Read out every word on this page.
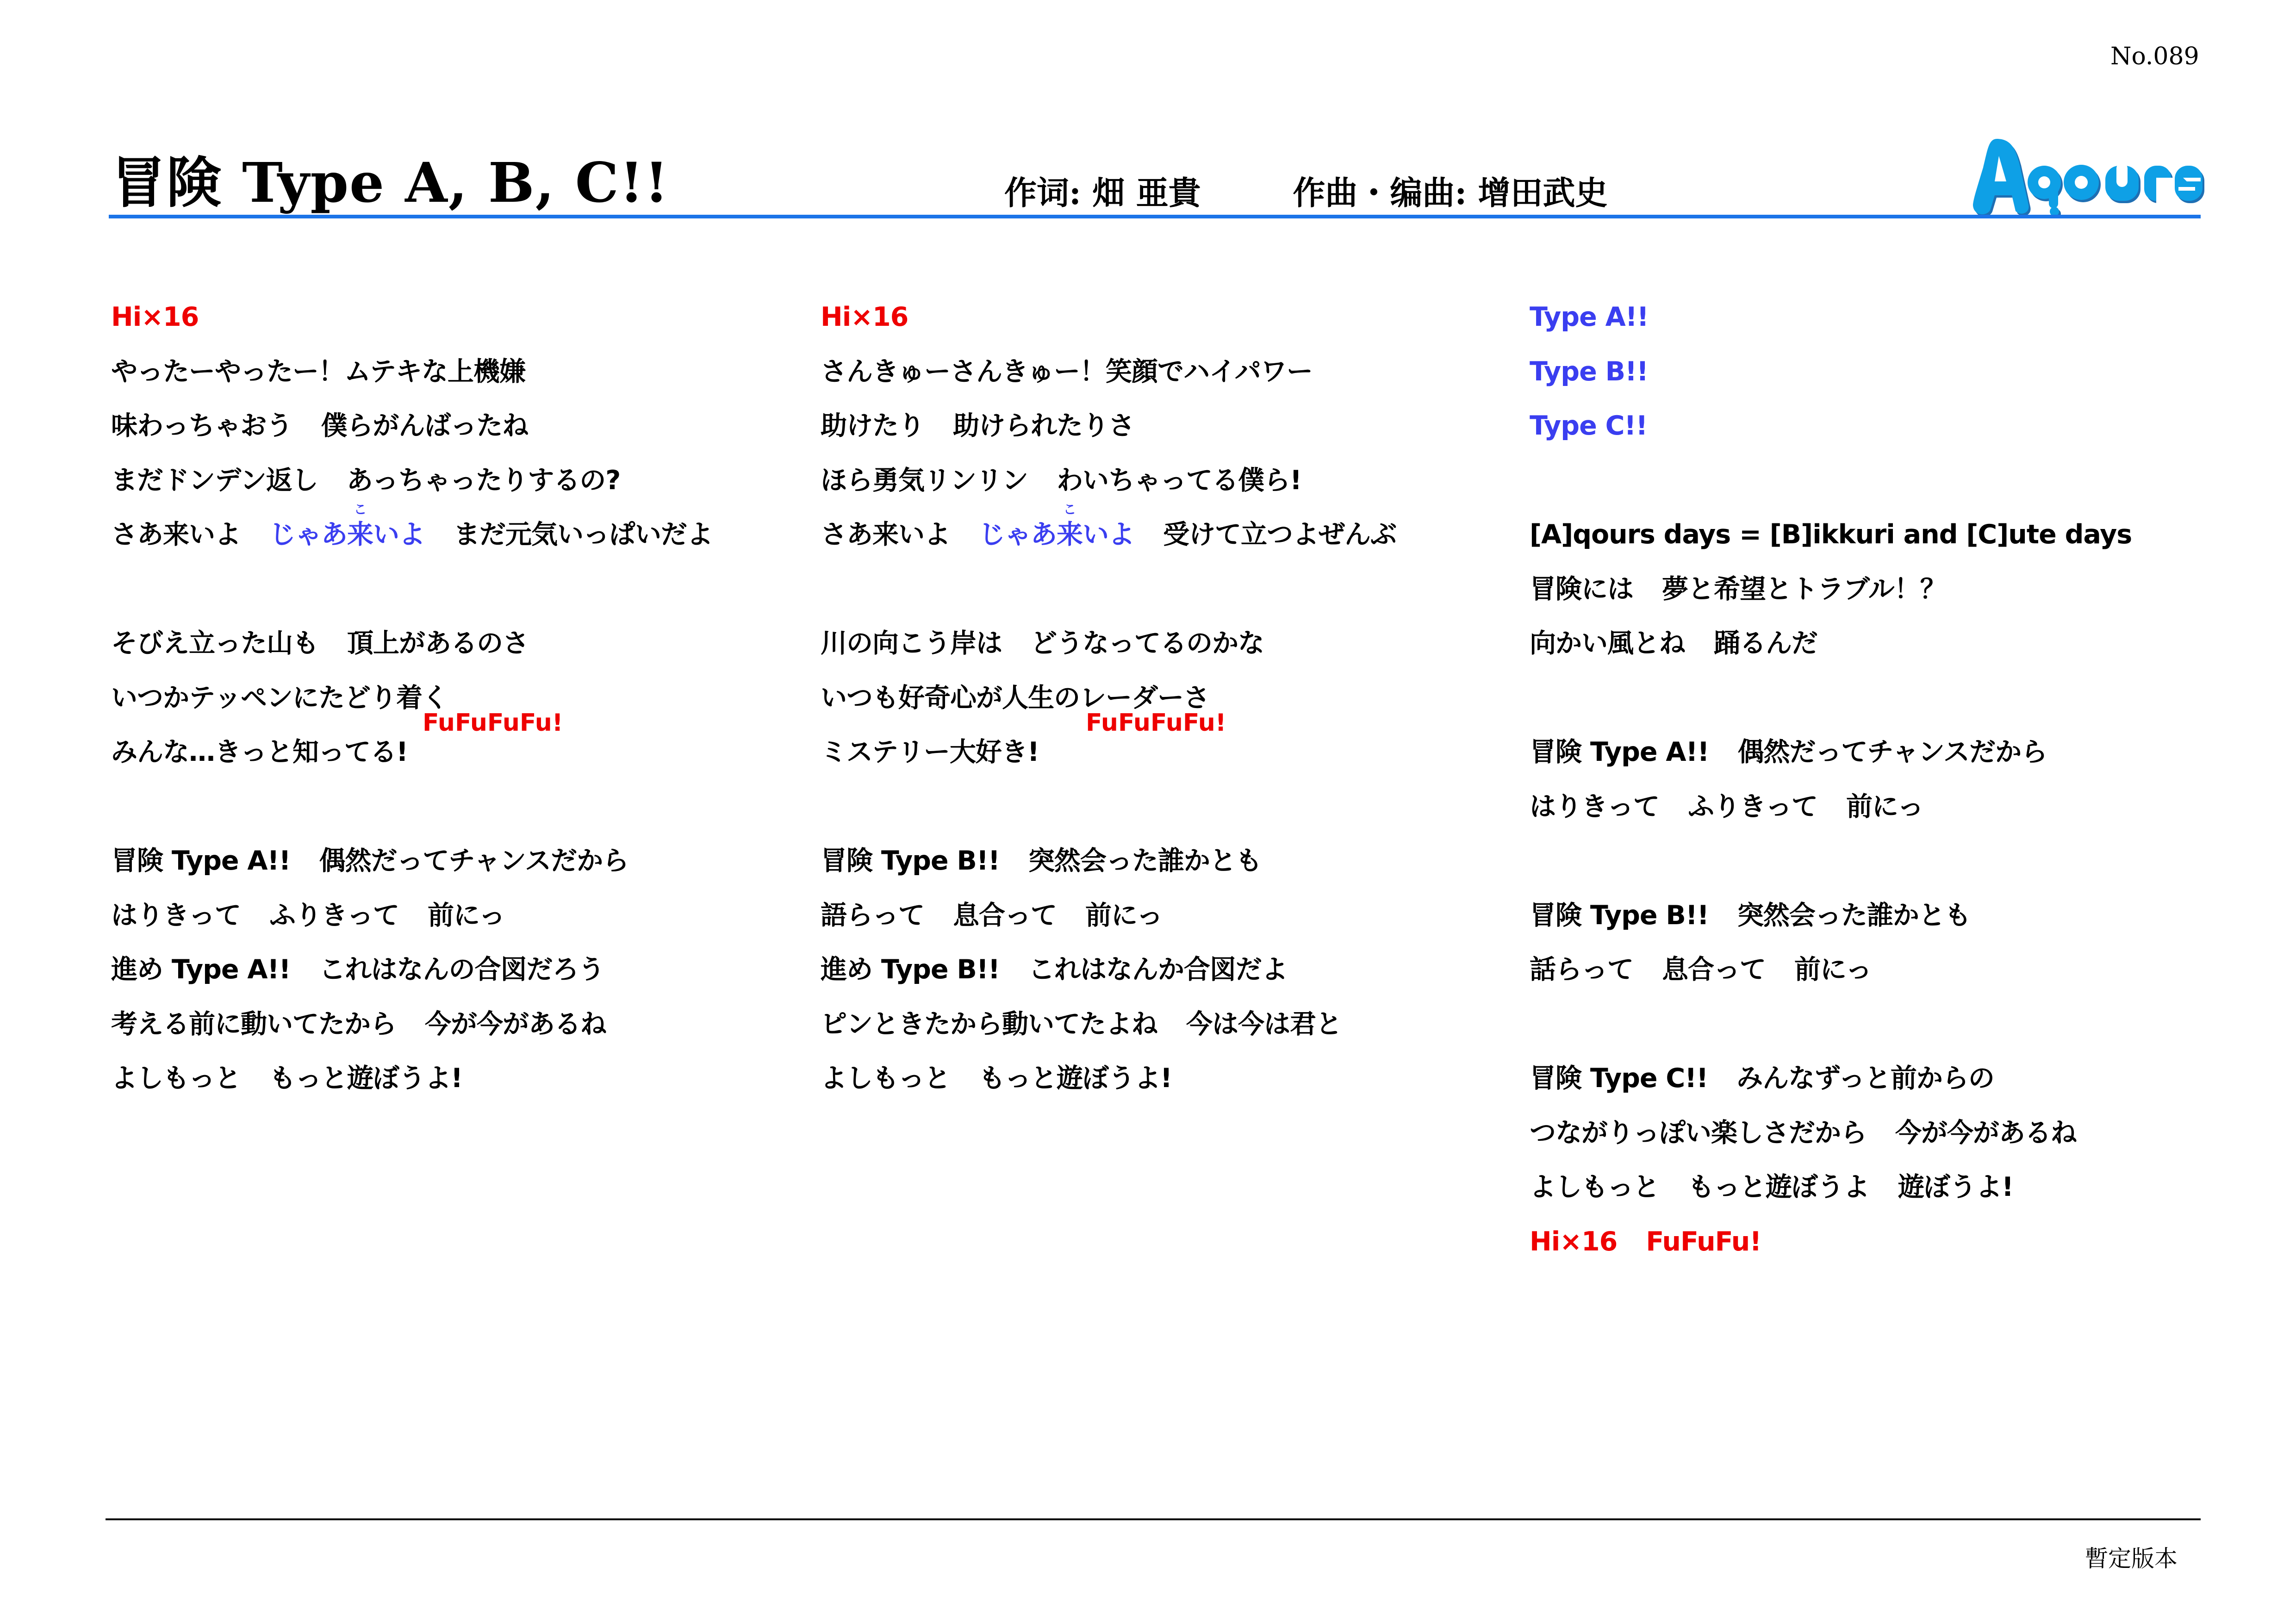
No.089
冒険 Type A, B, C!!	作词: 畑 亜貴	作曲・编曲: 增田武史
Hi×16
やったーやったー！ムテキな上機嫌
味わっちゃおう 僕らがんばったね
まだドンデン返し あっちゃったりするの?
さあ来いよ じゃあ来
こ
いよ まだ元気いっぱいだよ
そびえ立った山も 頂上があるのさ
いつかテッペンにたどり着く
みんな…きっと知ってる!
冒険 Type A!! 偶然だってチャンスだから
はりきって ふりきって 前にっ
進め Type A!! これはなんの合図だろう
考える前に動いてたから 今が今があるね
よしもっと もっと遊ぼうよ!
FuFuFuFu!
Hi×16
さんきゅーさんきゅー！笑顔でハイパワー
助けたり 助けられたりさ
ほら勇気リンリン わいちゃってる僕ら!
さあ来いよ じゃあ来
こ
いよ 受けて立つよぜんぶ
川の向こう岸は どうなってるのかな
いつも好奇心が人生のレーダーさ
ミステリー大好き!
冒険 Type B!! 突然会った誰かとも
語らって 息合って 前にっ
進め Type B!! これはなんか合図だよ
ピンときたから動いてたよね 今は今は君と
よしもっと もっと遊ぼうよ!
FuFuFuFu!
Type A!!
Type B!!
Type C!!
[A]qours days = [B]ikkuri and [C]ute days
冒険には 夢と希望とトラブル！？
向かい風とね 踊るんだ
冒険 Type A!! 偶然だってチャンスだから
はりきって ふりきって 前にっ
冒険 Type B!! 突然会った誰かとも
話らって 息合って 前にっ
冒険 Type C!! みんなずっと前からの
つながりっぽい楽しさだから 今が今があるね
よしもっと もっと遊ぼうよ 遊ぼうよ!
Hi×16 FuFuFu!
暫定版本
